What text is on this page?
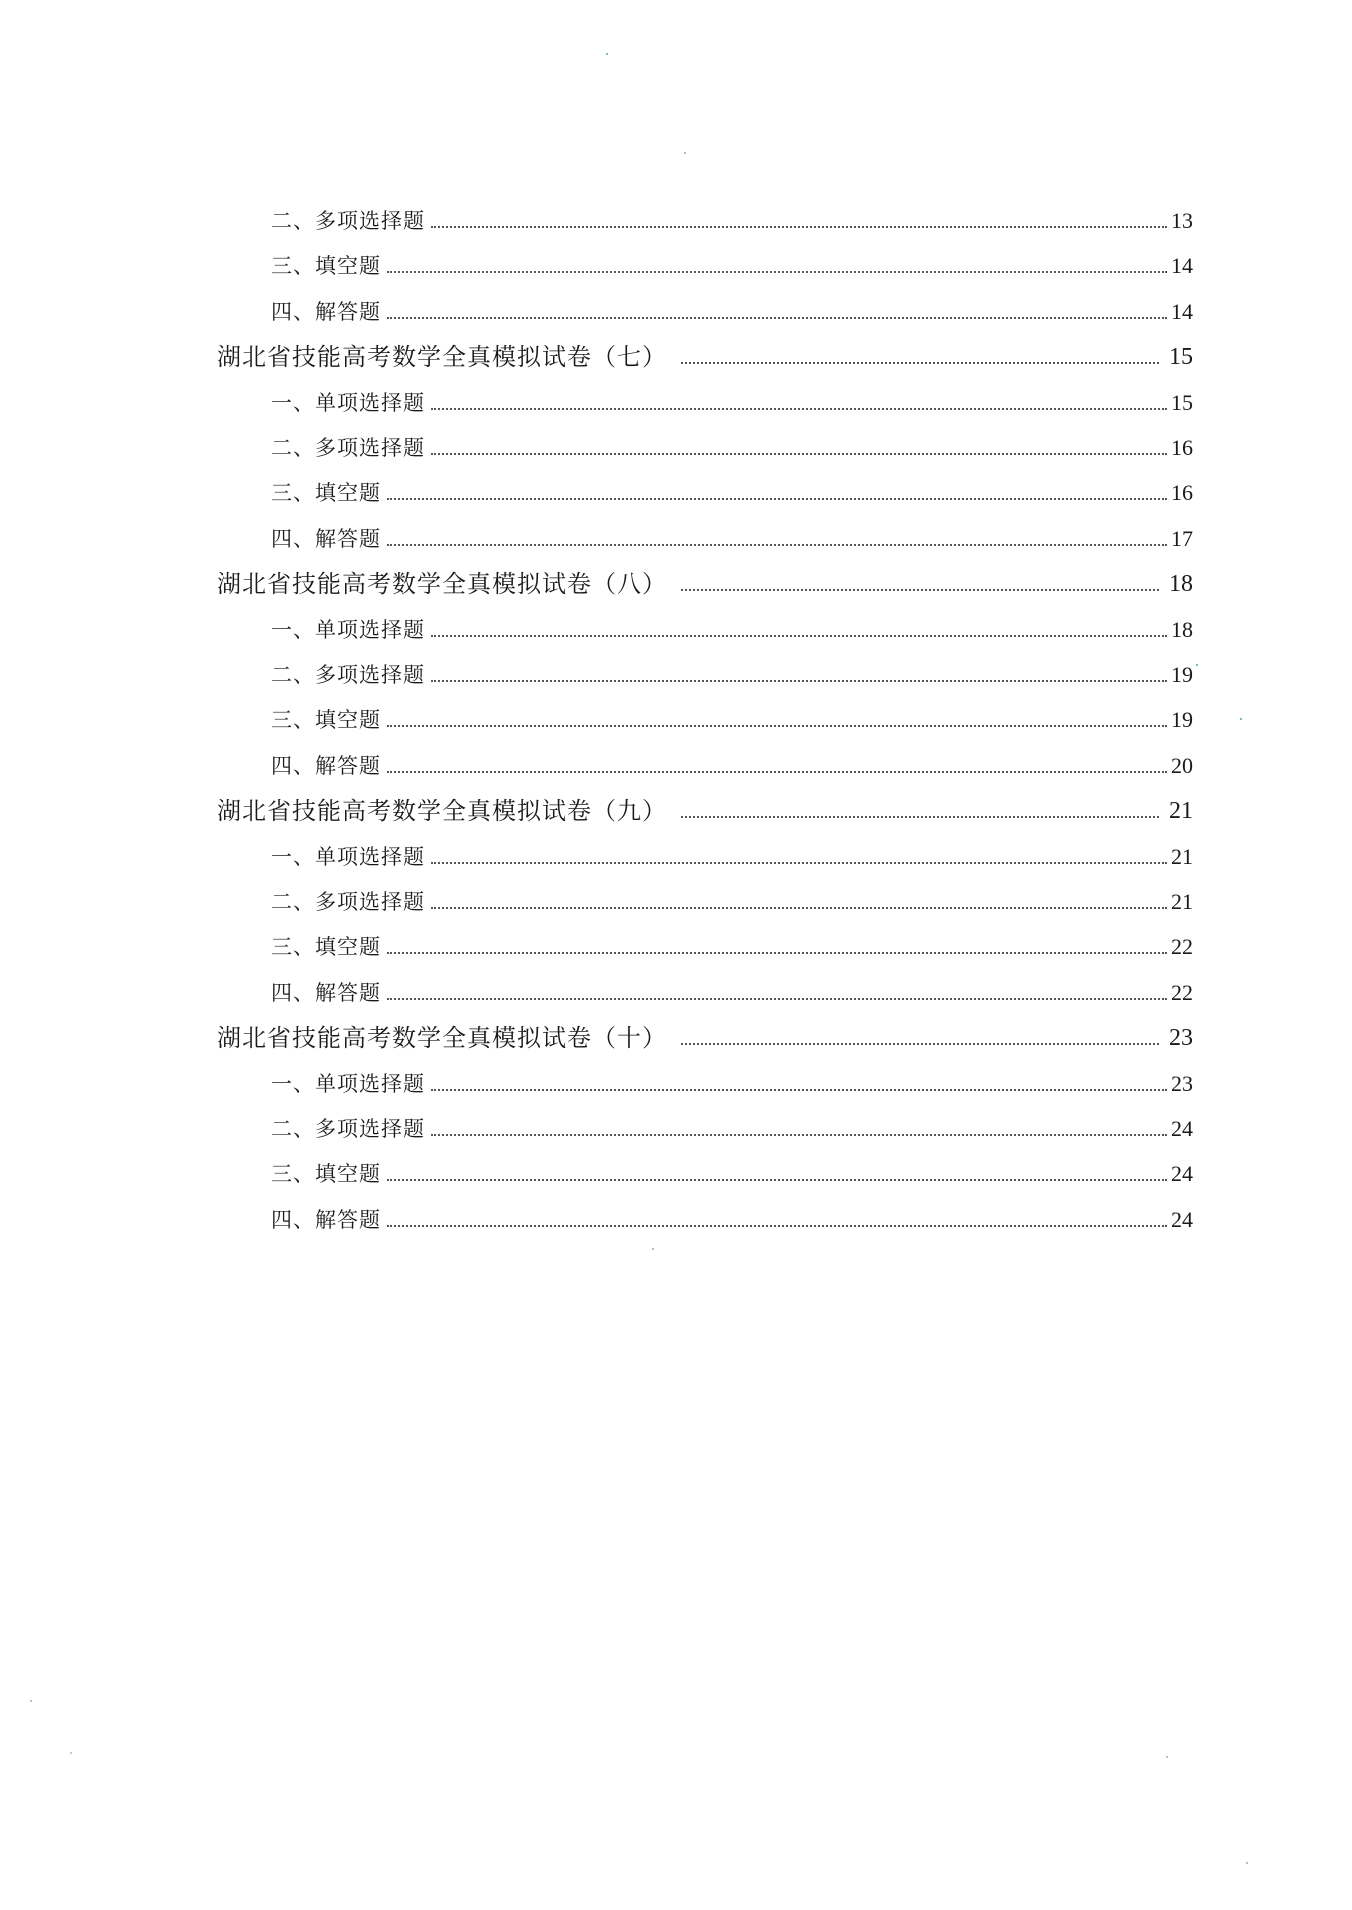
二、多项选择题	13
三、填空题	14
四、解答题	14
湖北省技能高考数学全真模拟试卷（七）	15
一、单项选择题	15
二、多项选择题	16
三、填空题	16
四、解答题	17
湖北省技能高考数学全真模拟试卷（八）	18
一、单项选择题	18
二、多项选择题	19
三、填空题	19
四、解答题	20
湖北省技能高考数学全真模拟试卷（九）	21
一、单项选择题	21
二、多项选择题	21
三、填空题	22
四、解答题	22
湖北省技能高考数学全真模拟试卷（十）	23
一、单项选择题	23
二、多项选择题	24
三、填空题	24
四、解答题	24
